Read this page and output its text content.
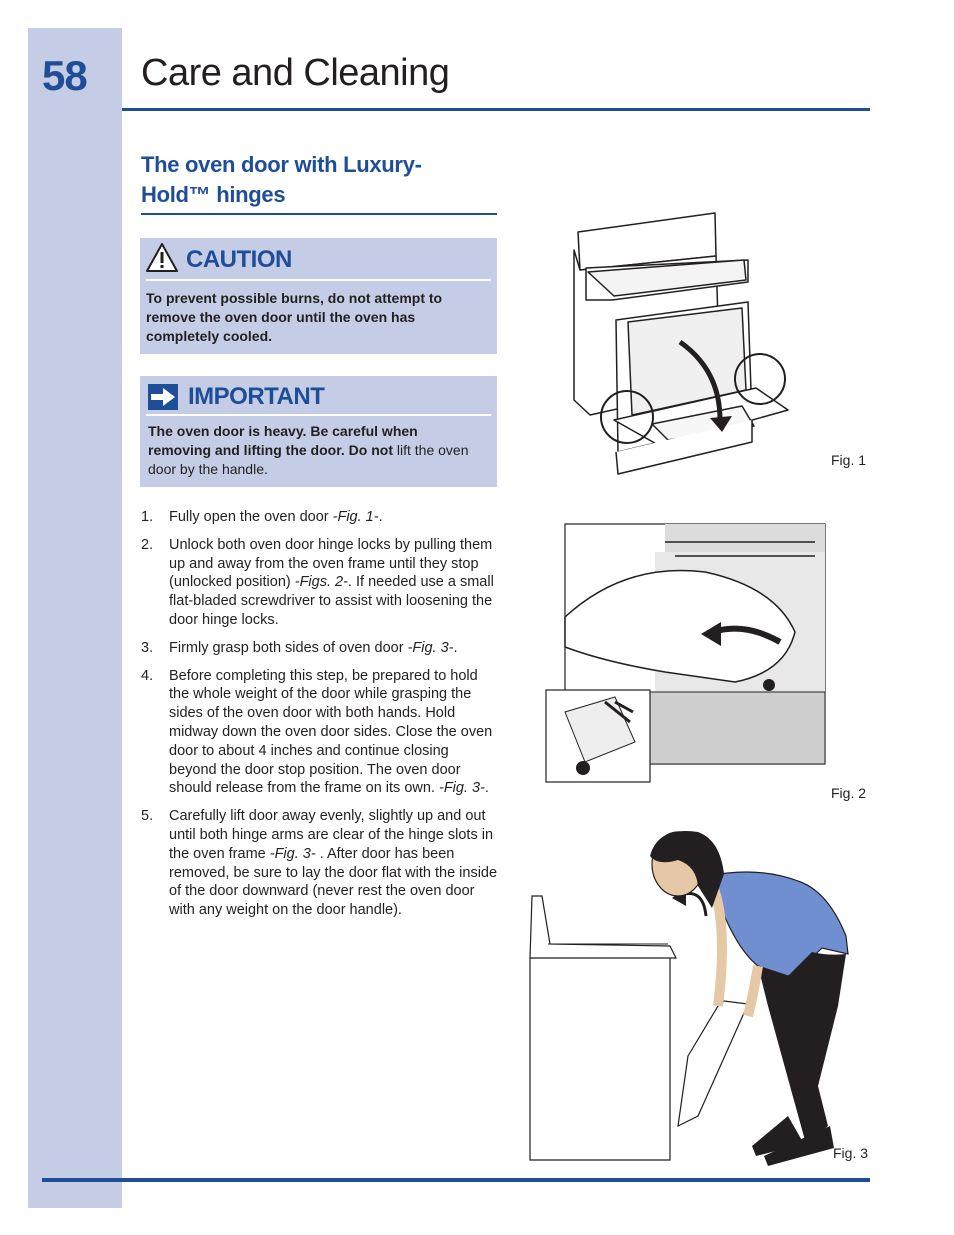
58 Care and Cleaning
The oven door with Luxury-
Hold™ hinges
CAUTION
To prevent possible burns, do not attempt to remove the oven door until the oven has completely cooled.
IMPORTANT
The oven door is heavy. Be careful when removing and lifting the door. Do not lift the oven door by the handle.
1. Fully open the oven door -Fig. 1-.
2. Unlock both oven door hinge locks by pulling them up and away from the oven frame until they stop (unlocked position) -Figs. 2-. If needed use a small flat-bladed screwdriver to assist with loosening the door hinge locks.
3. Firmly grasp both sides of oven door -Fig. 3-.
4. Before completing this step, be prepared to hold the whole weight of the door while grasping the sides of the oven door with both hands. Hold midway down the oven door sides. Close the oven door to about 4 inches and continue closing beyond the door stop position. The oven door should release from the frame on its own. -Fig. 3-.
5. Carefully lift door away evenly, slightly up and out until both hinge arms are clear of the hinge slots in the oven frame -Fig. 3- . After door has been removed, be sure to lay the door flat with the inside of the door downward (never rest the oven door with any weight on the door handle).
Fig. 1
Fig. 2
Fig. 3
